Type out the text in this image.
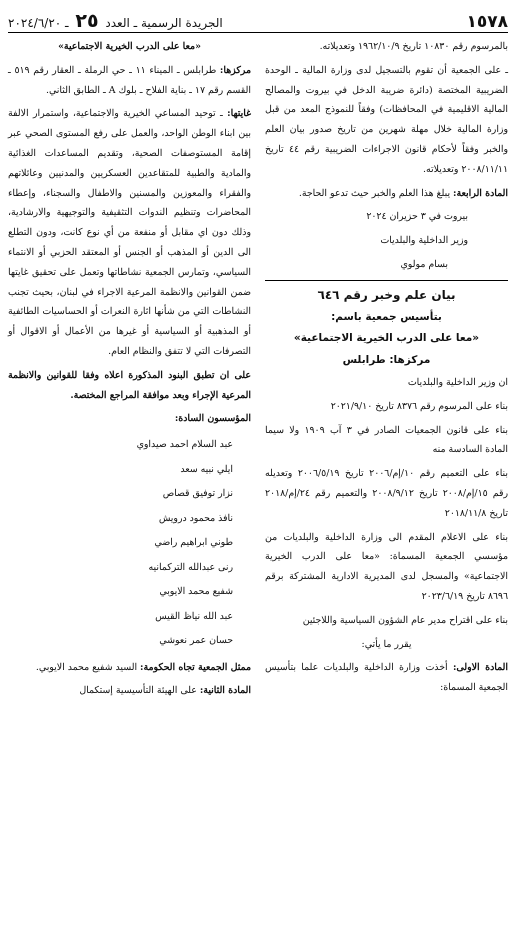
١٥٧٨
الجريدة الرسمية ـ العدد ٢٥ ـ ٢٠٢٤/٦/٢٠

بالمرسوم رقم ١٠٨٣٠ تاريخ ١٩٦٢/١٠/٩ وتعديلاته.

ـ على الجمعية أن تقوم بالتسجيل لدى وزارة المالية ـ الوحدة الضريبية المختصة (دائرة ضريبة الدخل في بيروت والمصالح المالية الاقليمية في المحافظات) وفقاً للنموذج المعد من قبل وزارة المالية خلال مهلة شهرين من تاريخ صدور بيان العلم والخبر وفقاً لأحكام قانون الاجراءات الضريبية رقم ٤٤ تاريخ ٢٠٠٨/١١/١١ وتعديلاته.

المادة الرابعة: يبلغ هذا العلم والخبر حيث تدعو الحاجة.

بيروت في ٣ حزيران ٢٠٢٤

وزير الداخلية والبلديات

بسام مولوي

بيان علم وخبر رقم ٦٤٦
بتأسيس جمعية باسم:
«معا على الدرب الخيرية الاجتماعية»
مركزها: طرابلس

ان وزير الداخلية والبلديات

بناء على المرسوم رقم ٨٣٧٦ تاريخ ٢٠٢١/٩/١٠

بناء على قانون الجمعيات الصادر في ٣ آب ١٩٠٩ ولا سيما المادة السادسة منه

بناء على التعميم رقم ١٠/إم/٢٠٠٦ تاريخ ٢٠٠٦/٥/١٩ وتعديله رقم ١٥/إم/٢٠٠٨ تاريخ ٢٠٠٨/٩/١٢ والتعميم رقم ٢٤/إم/٢٠١٨ تاريخ ٢٠١٨/١١/٨

بناء على الاعلام المقدم الى وزارة الداخلية والبلديات من مؤسسي الجمعية المسماة: «معا على الدرب الخيرية الاجتماعية» والمسجل لدى المديرية الادارية المشتركة برقم ٨٦٩٦ تاريخ ٢٠٢٣/٦/١٩

بناء على اقتراح مدير عام الشؤون السياسية واللاجئين

يقرر ما يأتي:

المادة الاولى: أخذت وزارة الداخلية والبلديات علما بتأسيس الجمعية المسماة:

«معا على الدرب الخيرية الاجتماعية»

مركزها: طرابلس ـ الميناء ١١ ـ حي الرملة ـ العقار رقم ٥١٩ ـ القسم رقم ١٧ ـ بناية الفلاح ـ بلوك A ـ الطابق الثاني.

غايتها: ـ توحيد المساعي الخيرية والاجتماعية، واستمرار الالفة بين ابناء الوطن الواحد، والعمل على رفع المستوى الصحي عبر إقامة المستوصفات الصحية، وتقديم المساعدات الغذائية والمادية والطبية للمتقاعدين العسكريين والمدنيين وعائلاتهم والفقراء والمعوزين والمسنين والاطفال والسجناء، وإعطاء المحاضرات وتنظيم الندوات التثقيفية والتوجيهية والارشادية، وذلك دون اي مقابل أو منفعة من أي نوع كانت، ودون التطلع الى الدين أو المذهب أو الجنس أو المعتقد الحزبي أو الانتماء السياسي، وتمارس الجمعية نشاطاتها وتعمل على تحقيق غايتها ضمن القوانين والانظمة المرعية الاجراء في لبنان، بحيث تجنب النشاطات التي من شأنها اثارة النعرات أو الحساسيات الطائفية أو المذهبية أو السياسية أو غيرها من الأعمال أو الاقوال أو التصرفات التي لا تتفق والنظام العام.

على ان تطبق البنود المذكورة اعلاه وفقا للقوانين والانظمة المرعية الإجراء وبعد موافقة المراجع المختصة.

المؤسسون السادة:

عبد السلام احمد صيداوي
ايلي نبيه سعد
نزار توفيق قصاص
نافذ محمود درويش
طوني ابراهيم راضي
رنى عبدالله التركمانيه
شفيع محمد الايوبي
عبد الله نياظ القيس
حسان عمر نعوشي

ممثل الجمعية تجاه الحكومة: السيد شفيع محمد الايوبي.

المادة الثانية: على الهيئة التأسيسية إستكمال
